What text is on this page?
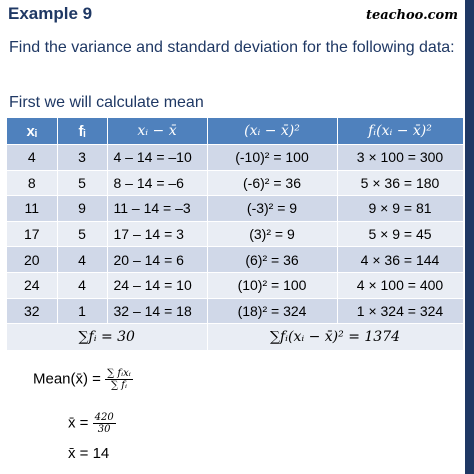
Example 9	teachoo.com
Find the variance and standard deviation for the following data:
First we will calculate mean
xᵢ	fᵢ	xᵢ − x̄	(xᵢ − x̄)²	fᵢ(xᵢ − x̄)²
4	3	4 – 14 = –10	(-10)² = 100	3 × 100 = 300
8	5	8 – 14 = –6	(-6)² = 36	5 × 36 = 180
11	9	11 – 14 = –3	(-3)² = 9	9 × 9 = 81
17	5	17 – 14 = 3	(3)² = 9	5 × 9 = 45
20	4	20 – 14 = 6	(6)² = 36	4 × 36 = 144
24	4	24 – 14 = 10	(10)² = 100	4 × 100 = 400
32	1	32 – 14 = 18	(18)² = 324	1 × 324 = 324
∑fᵢ = 30			∑fᵢ(xᵢ − x̄)² = 1374	
Mean(x̄) = $\frac{\text{∑ fᵢxᵢ}}{\text{∑ fᵢ}}$
x̄ = $\frac{420}{30}$
x̄ = 14
